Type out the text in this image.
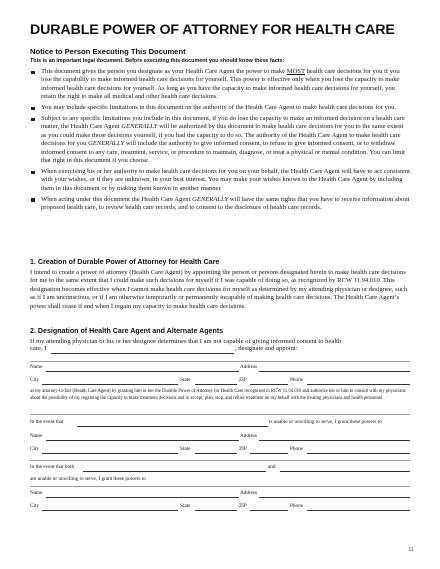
DURABLE POWER OF ATTORNEY FOR HEALTH CARE
Notice to Person Executing This Document

This is an important legal document. Before executing this document you should know these facts:

This document gives the person you designate as your Health Care Agent the power to make MOST health care decisions for you if you lose the capability to make informed health care decisions for yourself. This power is effective only when you lose the capacity to make informed health care decisions for yourself. As long as you have the capacity to make informed health care decisions for yourself, you retain the right to make all medical and other health care decisions.
You may include specific limitations in this document on the authority of the Health Care Agent to make health care decisions for you.
Subject to any specific limitations you include in this document, if you do lose the capacity to make an informed decision on a health care matter, the Health Care Agent GENERALLY will be authorized by this document to make health care decisions for you to the same extent as you could make those decisions yourself, if you had the capacity to do so. The authority of the Health Care Agent to make health care decisions for you GENERALLY will include the authority to give informed consent, to refuse to give informed consent, or to withdraw informed consent to any care, treatment, service, or procedure to maintain, diagnose, or treat a physical or mental condition. You can limit that right in this document if you choose.
When exercising his or her authority to make health care decisions for you on your behalf, the Health Care Agent will have to act consistent with your wishes, or if they are unknown, in your best interest. You may make your wishes known to the Health Care Agent by including them in this document or by making them known in another manner.
When acting under this document the Health Care Agent GENERALLY will have the same rights that you have to receive information about proposed health care, to review health care records, and to consent to the disclosure of health care records.
1. Creation of Durable Power of Attorney for Health Care

I intend to create a power of attorney (Health Care Agent) by appointing the person or persons designated herein to make health care decisions for me to the same extent that I could make such decisions for myself if I was capable of doing so, as recognized by RCW 11.94.010. This designation becomes effective when I cannot make health care decisions for myself as determined by my attending physician or designee, such as if I am unconscious, or if I am otherwise temporarily or permanently incapable of making health care decisions. The Health Care Agent’s power shall cease if and when I regain my capacity to make health care decisions.

2. Designation of Health Care Agent and Alternate Agents

If my attending physician or his or her designee determines that I am not capable of giving informed consent to health

care, I	, designate and appoint:
Name	Address
City	State	ZIP	Phone

as my attorney-in-fact (Health Care Agent) by granting him or her the Durable Power of Attorney for Health Care recognized in RCW 11.94.010 and authorize her or him to consult with my physicians about the possibility of my regaining the capacity to make treatment decisions and to accept, plan, stop, and refuse treatment on my behalf with the treating physicians and health personnel.

In the event that	is unable or unwilling to serve, I grant these powers to
Name	Address
City	State	ZIP	Phone
In the event that both	and
are unable or unwilling to serve, I grant these powers to
Name	Address
City	State	ZIP	Phone
11
